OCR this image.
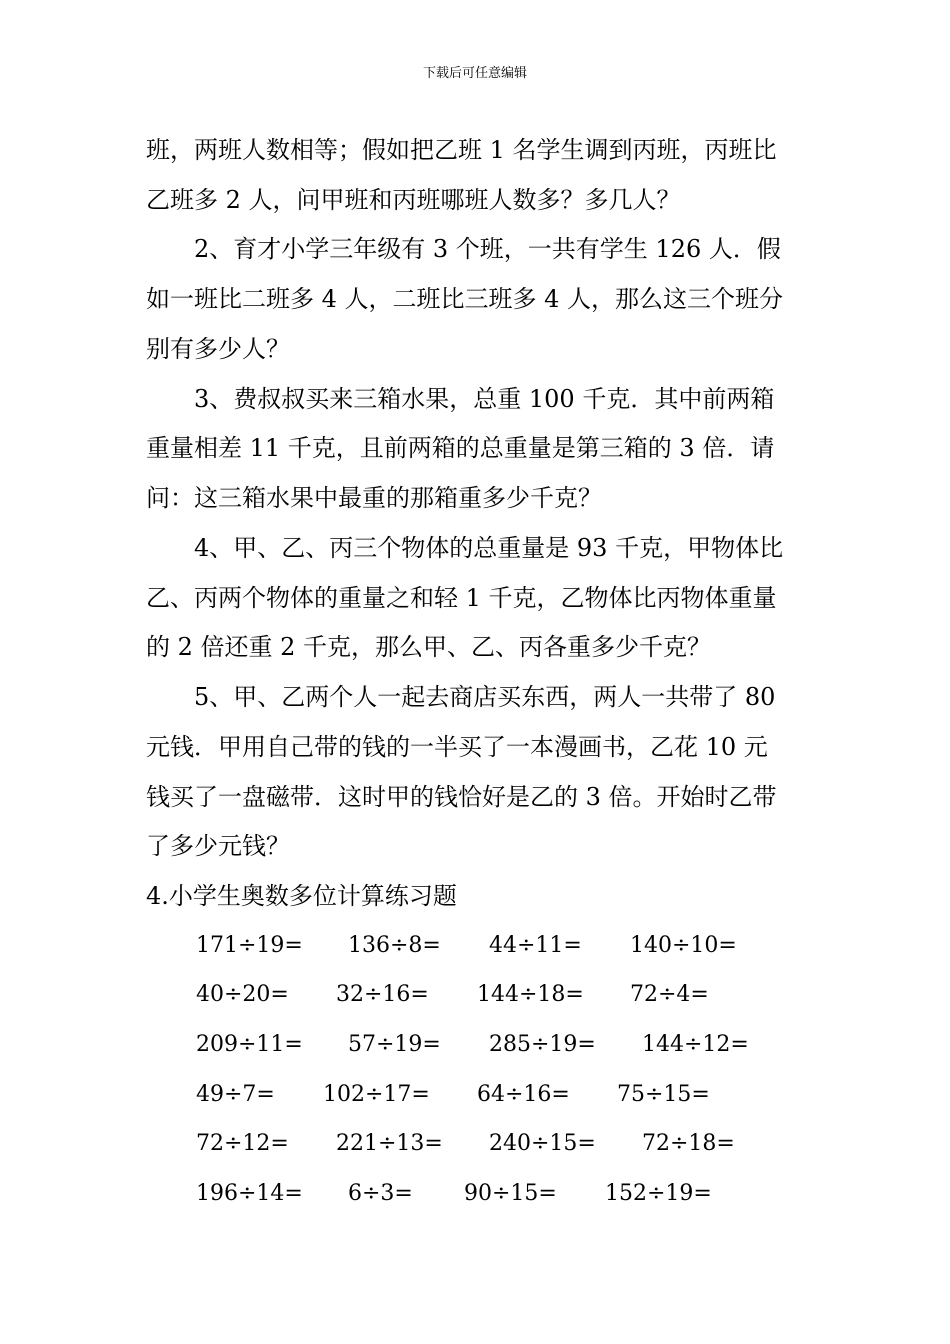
下载后可任意编辑
班，两班人数相等；假如把乙班 1 名学生调到丙班，丙班比
乙班多 2 人，问甲班和丙班哪班人数多？多几人？
　　2、育才小学三年级有 3 个班，一共有学生 126 人．假
如一班比二班多 4 人，二班比三班多 4 人，那么这三个班分
别有多少人？
　　3、费叔叔买来三箱水果，总重 100 千克．其中前两箱
重量相差 11 千克，且前两箱的总重量是第三箱的 3 倍．请
问：这三箱水果中最重的那箱重多少千克？
　　4、甲、乙、丙三个物体的总重量是 93 千克，甲物体比
乙、丙两个物体的重量之和轻 1 千克，乙物体比丙物体重量
的 2 倍还重 2 千克，那么甲、乙、丙各重多少千克？
　　5、甲、乙两个人一起去商店买东西，两人一共带了 80
元钱．甲用自己带的钱的一半买了一本漫画书，乙花 10 元
钱买了一盘磁带．这时甲的钱恰好是乙的 3 倍。开始时乙带
了多少元钱？
4.小学生奥数多位计算练习题
171÷19= 136÷8= 44÷11= 140÷10=
40÷20= 32÷16= 144÷18= 72÷4=
209÷11= 57÷19= 285÷19= 144÷12=
49÷7= 102÷17= 64÷16= 75÷15=
72÷12= 221÷13= 240÷15= 72÷18=
196÷14= 6÷3= 90÷15= 152÷19=
